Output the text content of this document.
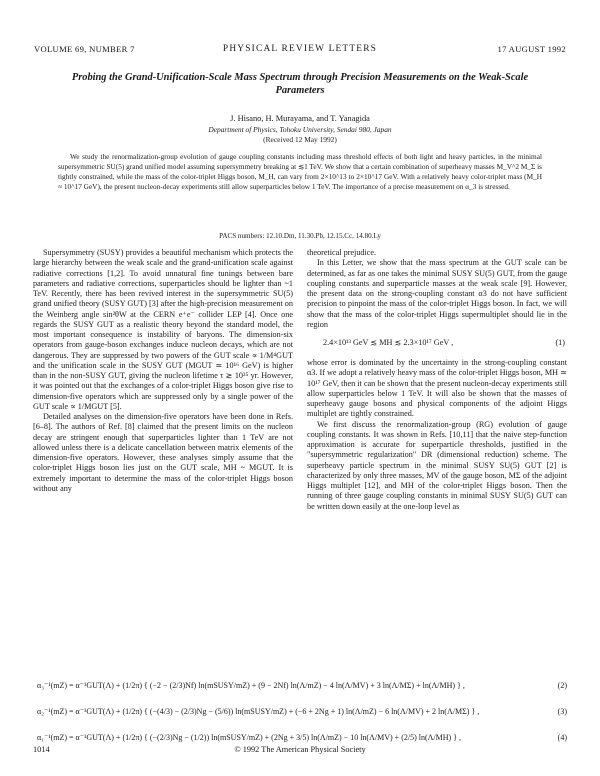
VOLUME 69, NUMBER 7	PHYSICAL REVIEW LETTERS	17 AUGUST 1992
Probing the Grand-Unification-Scale Mass Spectrum through Precision Measurements on the Weak-Scale Parameters
J. Hisano, H. Murayama, and T. Yanagida
Department of Physics, Tohoku University, Sendai 980, Japan
(Received 12 May 1992)

We study the renormalization-group evolution of gauge coupling constants including mass threshold effects of both light and heavy particles, in the minimal supersymmetric SU(5) grand unified model assuming supersymmetry breaking at ≲1 TeV. We show that a certain combination of superheavy masses M_V^2 M_Σ is tightly constrained, while the mass of the color-triplet Higgs boson, M_H, can vary from 2×10^13 to 2×10^17 GeV. With a relatively heavy color-triplet mass (M_H ≈ 10^17 GeV), the present nucleon-decay experiments still allow superparticles below 1 TeV. The importance of a precise measurement on α_3 is stressed.

PACS numbers: 12.10.Dm, 11.30.Pb, 12.15.Cc, 14.80.Ly

Supersymmetry (SUSY) provides a beautiful mechanism which protects the large hierarchy between the weak scale and the grand-unification scale against radiative corrections [1,2]. To avoid unnatural fine tunings between bare parameters and radiative corrections, superparticles should be lighter than ~1 TeV. Recently, there has been revived interest in the supersymmetric SU(5) grand unified theory (SUSY GUT) [3] after the high-precision measurement on the Weinberg angle sin²θW at the CERN e⁺e⁻ collider LEP [4]. Once one regards the SUSY GUT as a realistic theory beyond the standard model, the most important consequence is instability of baryons. The dimension-six operators from gauge-boson exchanges induce nucleon decays, which are not dangerous. They are suppressed by two powers of the GUT scale ∝ 1/M⁴GUT and the unification scale in the SUSY GUT (MGUT ≃ 10¹⁶ GeV) is higher than in the non-SUSY GUT, giving the nucleon lifetime τ ≳ 10³⁵ yr. However, it was pointed out that the exchanges of a color-triplet Higgs boson give rise to dimension-five operators which are suppressed only by a single power of the GUT scale ∝ 1/MGUT [5].

Detailed analyses on the dimension-five operators have been done in Refs. [6–8]. The authors of Ref. [8] claimed that the present limits on the nucleon decay are stringent enough that superparticles lighter than 1 TeV are not allowed unless there is a delicate cancellation between matrix elements of the dimension-five operators. However, these analyses simply assume that the color-triplet Higgs boson lies just on the GUT scale, MH ~ MGUT. It is extremely important to determine the mass of the color-triplet Higgs boson without any

theoretical prejudice.

In this Letter, we show that the mass spectrum at the GUT scale can be determined, as far as one takes the minimal SUSY SU(5) GUT, from the gauge coupling constants and superparticle masses at the weak scale [9]. However, the present data on the strong-coupling constant α3 do not have sufficient precision to pinpoint the mass of the color-triplet Higgs boson. In fact, we will show that the mass of the color-triplet Higgs supermultiplet should lie in the region

2.4×10¹³ GeV ≲ MH ≲ 2.3×10¹⁷ GeV ,	(1)

whose error is dominated by the uncertainty in the strong-coupling constant α3. If we adopt a relatively heavy mass of the color-triplet Higgs boson, MH ≃ 10¹⁷ GeV, then it can be shown that the present nucleon-decay experiments still allow superparticles below 1 TeV. It will also be shown that the masses of superheavy gauge bosons and physical components of the adjoint Higgs multiplet are tightly constrained.

We first discuss the renormalization-group (RG) evolution of gauge coupling constants. It was shown in Refs. [10,11] that the naive step-function approximation is accurate for superparticle thresholds, justified in the "supersymmetric regularization" DR (dimensional reduction) scheme. The superheavy particle spectrum in the minimal SUSY SU(5) GUT [2] is characterized by only three masses, MV of the gauge boson, MΣ of the adjoint Higgs multiplet [12], and MH of the color-triplet Higgs boson. Then the running of three gauge coupling constants in minimal SUSY SU(5) GUT can be written down easily at the one-loop level as

α₃⁻¹(mZ) = α⁻¹GUT(Λ) + (1/2π) { (−2 − (2/3)Nf) ln(mSUSY/mZ) + (9 − 2Nf) ln(Λ/mZ) − 4 ln(Λ/MV) + 3 ln(Λ/MΣ) + ln(Λ/MH) } ,	(2)
α₂⁻¹(mZ) = α⁻¹GUT(Λ) + (1/2π) { (−(4/3) − (2/3)Ng − (5/6)) ln(mSUSY/mZ) + (−6 + 2Ng + 1) ln(Λ/mZ) − 6 ln(Λ/MV) + 2 ln(Λ/MΣ) } ,	(3)
α₁⁻¹(mZ) = α⁻¹GUT(Λ) + (1/2π) { (−(2/3)Ng − (1/2)) ln(mSUSY/mZ) + (2Ng + 3/5) ln(Λ/mZ) − 10 ln(Λ/MV) + (2/5) ln(Λ/MH) } ,	(4)
1014	© 1992 The American Physical Society
